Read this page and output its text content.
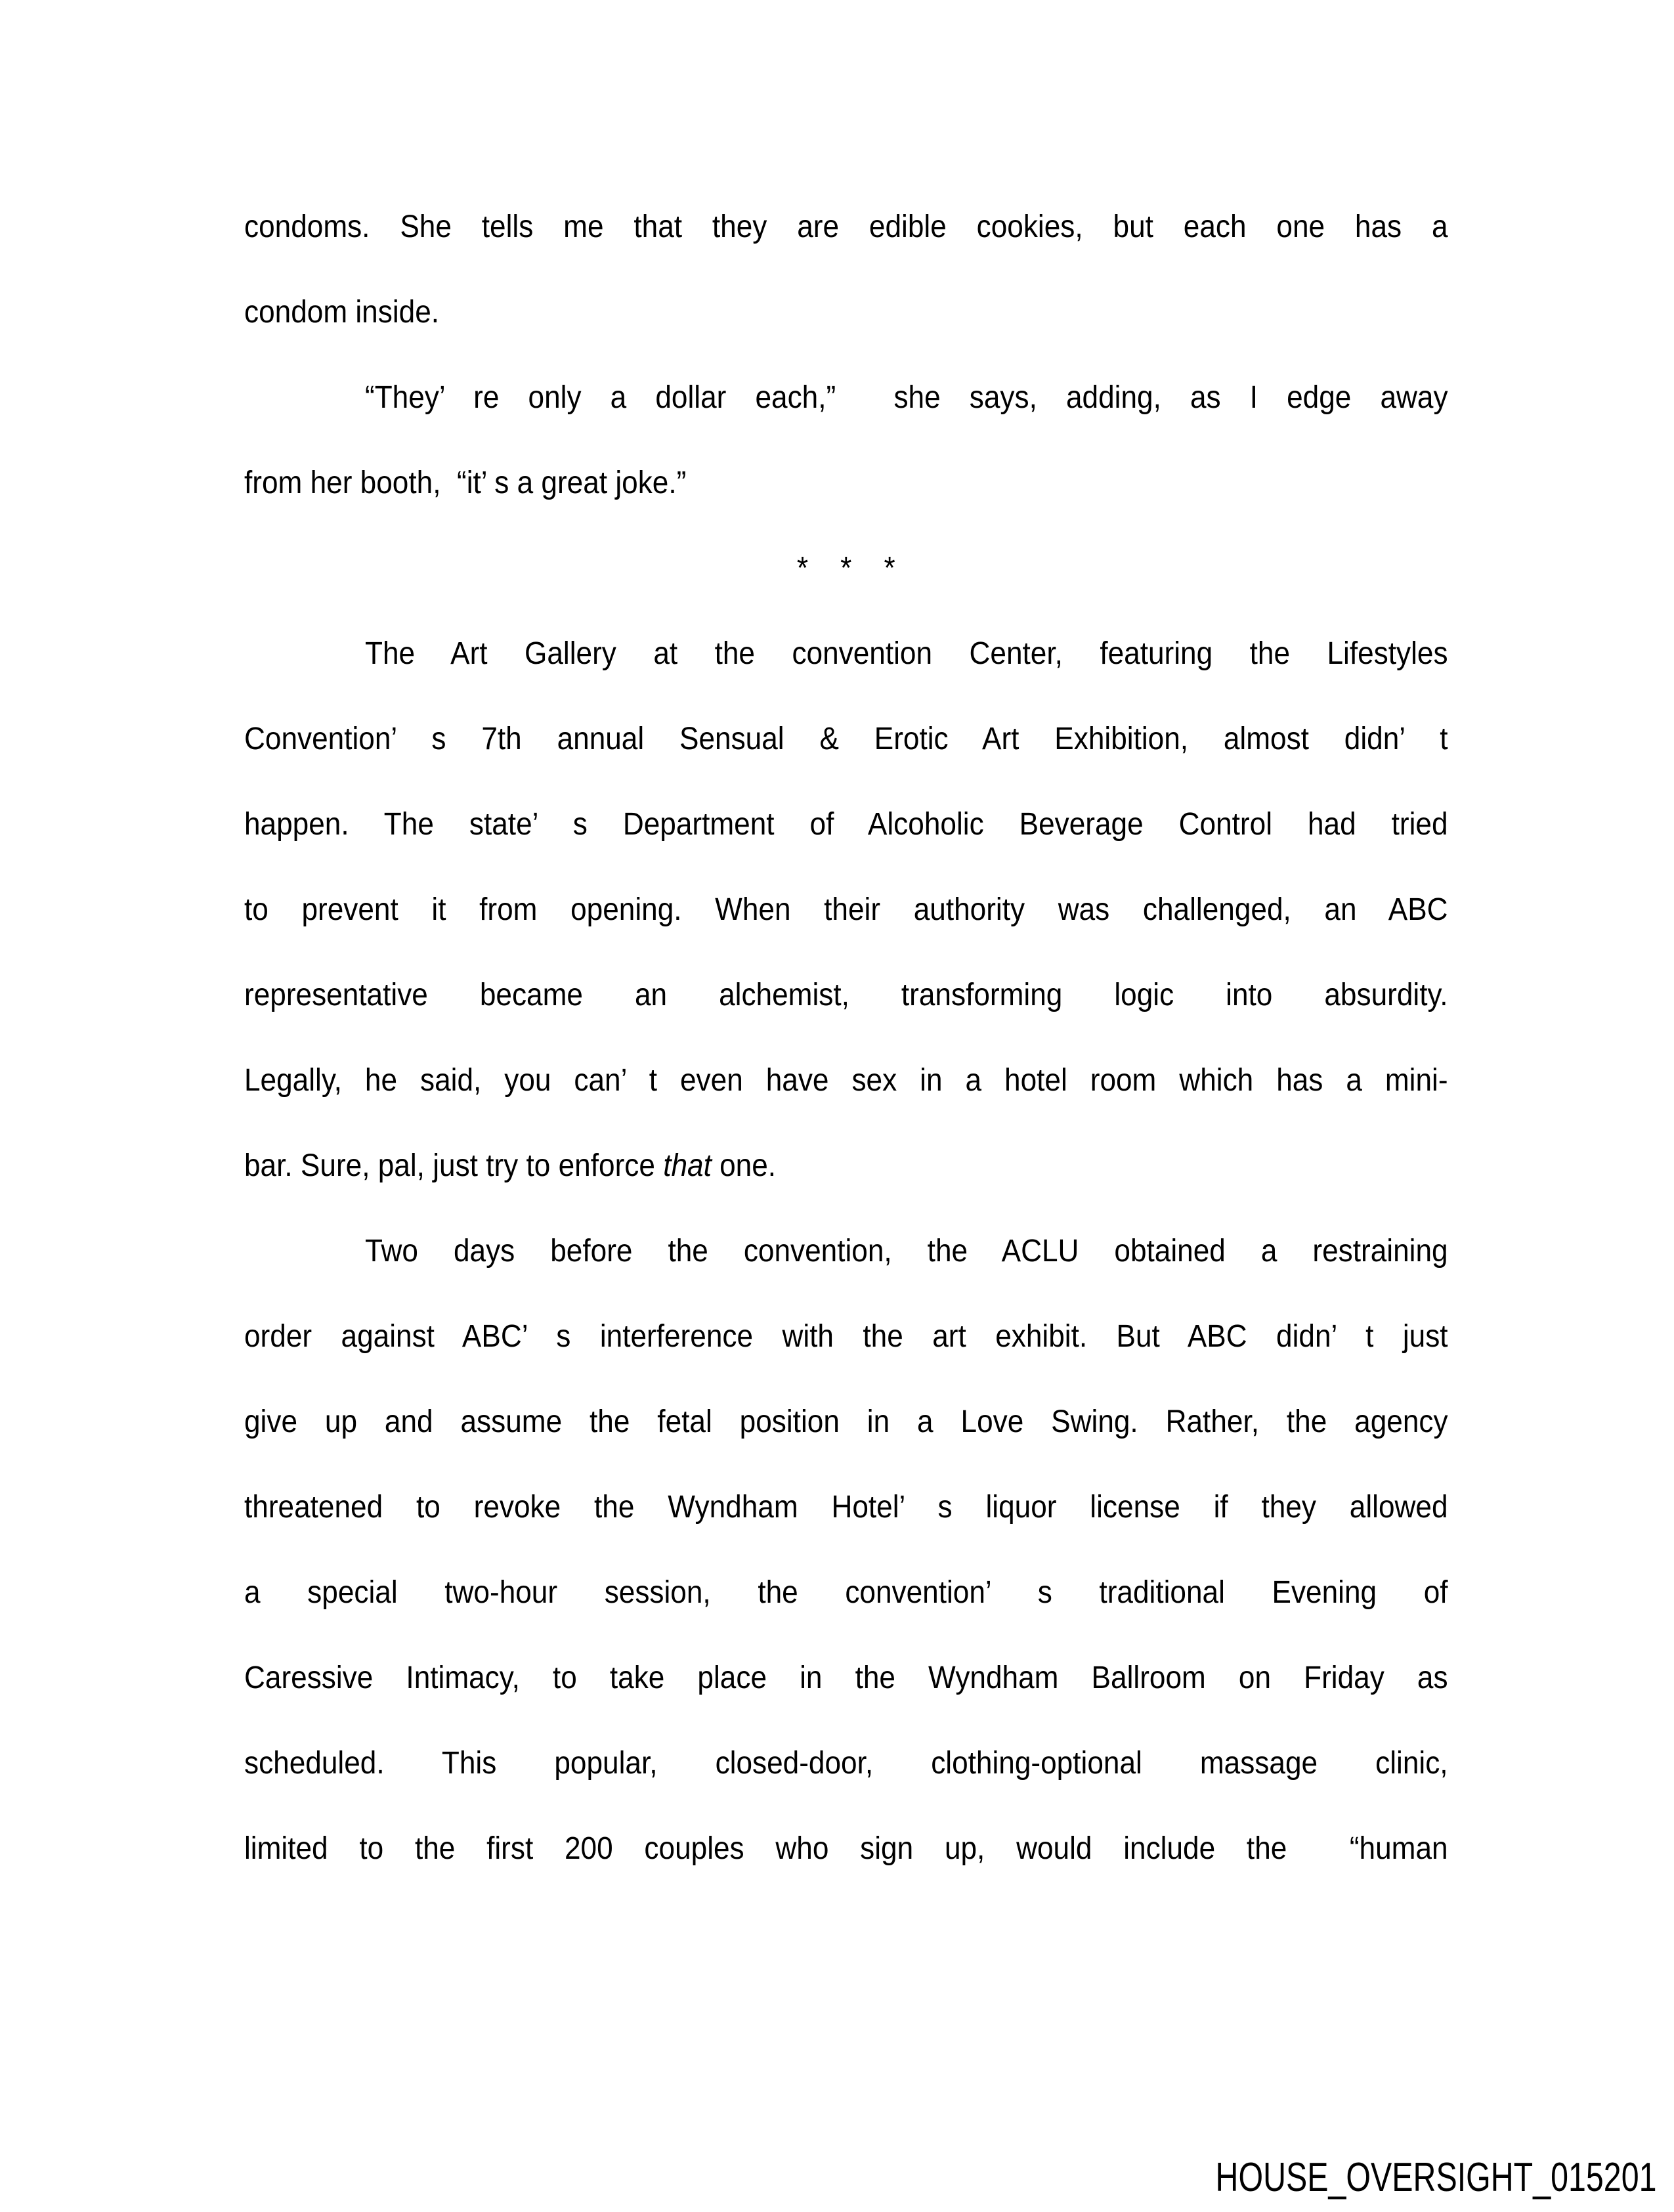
condoms. She tells me that they are edible cookies, but each one has a
condom inside.
“They’ re only a dollar each,”  she says, adding, as I edge away
from her booth,  “it’ s a great joke.”
* * *
The Art Gallery at the convention Center, featuring the Lifestyles
Convention’ s 7th annual Sensual & Erotic Art Exhibition, almost didn’ t
happen. The state’ s Department of Alcoholic Beverage Control had tried
to prevent it from opening. When their authority was challenged, an ABC
representative became an alchemist, transforming logic into absurdity.
Legally, he said, you can’ t even have sex in a hotel room which has a mini-
bar. Sure, pal, just try to enforce that one.
Two days before the convention, the ACLU obtained a restraining
order against ABC’ s interference with the art exhibit. But ABC didn’ t just
give up and assume the fetal position in a Love Swing. Rather, the agency
threatened to revoke the Wyndham Hotel’ s liquor license if they allowed
a special two-hour session, the convention’ s traditional Evening of
Caressive Intimacy, to take place in the Wyndham Ballroom on Friday as
scheduled. This popular, closed-door, clothing-optional massage clinic,
limited to the first 200 couples who sign up, would include the  “human
HOUSE_OVERSIGHT_015201
